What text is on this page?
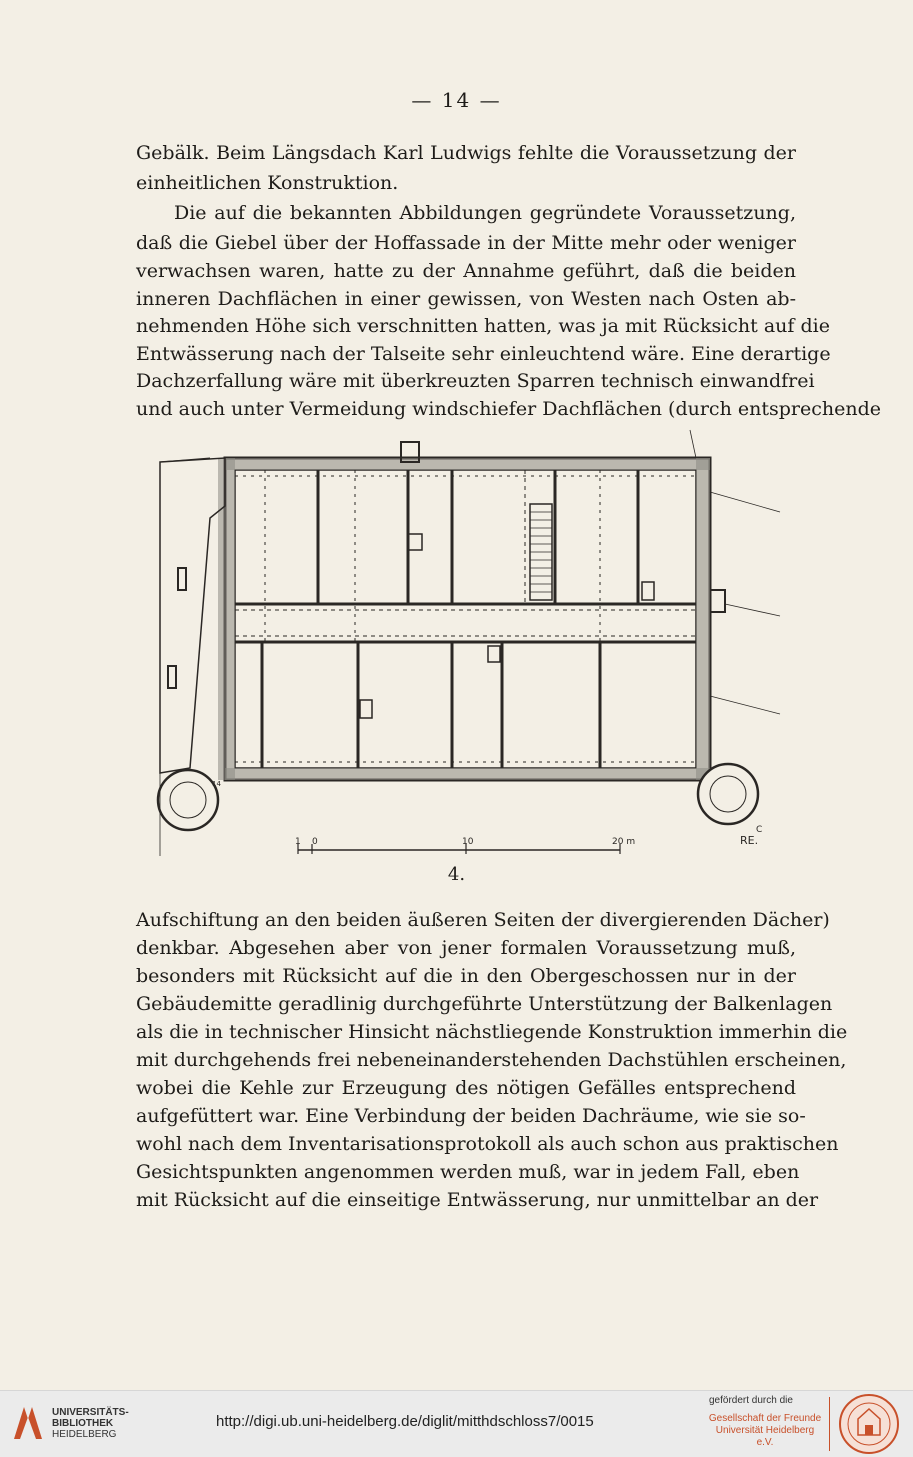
— 14 —
Gebälk. Beim Längsdach Karl Ludwigs fehlte die Voraussetzung der
einheitlichen Konstruktion.
Die auf die bekannten Abbildungen gegründete Voraussetzung,
daß die Giebel über der Hoffassade in der Mitte mehr oder weniger
verwachsen waren, hatte zu der Annahme geführt, daß die beiden
inneren Dachflächen in einer gewissen, von Westen nach Osten ab-
nehmenden Höhe sich verschnitten hatten, was ja mit Rücksicht auf die
Entwässerung nach der Talseite sehr einleuchtend wäre. Eine derartige
Dachzerfallung wäre mit überkreuzten Sparren technisch einwandfrei
und auch unter Vermeidung windschiefer Dachflächen (durch entsprechende
1 0	10	20 m
14
C
RE.
4.
Aufschiftung an den beiden äußeren Seiten der divergierenden Dächer)
denkbar. Abgesehen aber von jener formalen Voraussetzung muß,
besonders mit Rücksicht auf die in den Obergeschossen nur in der
Gebäudemitte geradlinig durchgeführte Unterstützung der Balkenlagen
als die in technischer Hinsicht nächstliegende Konstruktion immerhin die
mit durchgehends frei nebeneinanderstehenden Dachstühlen erscheinen,
wobei die Kehle zur Erzeugung des nötigen Gefälles entsprechend
aufgefüttert war. Eine Verbindung der beiden Dachräume, wie sie so-
wohl nach dem Inventarisationsprotokoll als auch schon aus praktischen
Gesichtspunkten angenommen werden muß, war in jedem Fall, eben
mit Rücksicht auf die einseitige Entwässerung, nur unmittelbar an der
UNIVERSITÄTS-
BIBLIOTHEK
HEIDELBERG
http://digi.ub.uni-heidelberg.de/diglit/mitthdschloss7/0015
gefördert durch die
Gesellschaft der Freunde
Universität Heidelberg e.V.
